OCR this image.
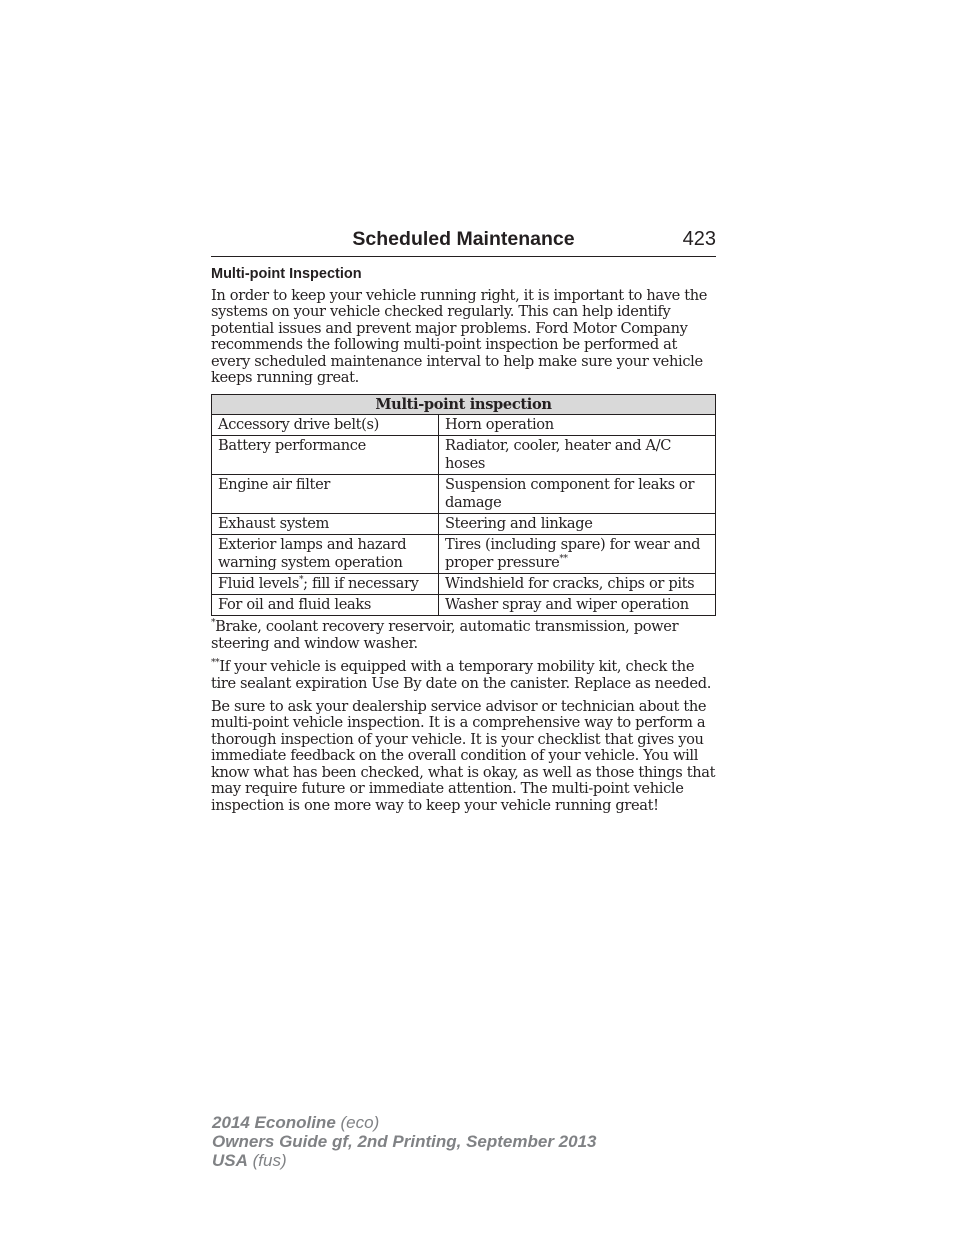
Scheduled Maintenance	423
Multi-point Inspection

In order to keep your vehicle running right, it is important to have the systems on your vehicle checked regularly. This can help identify potential issues and prevent major problems. Ford Motor Company recommends the following multi-point inspection be performed at every scheduled maintenance interval to help make sure your vehicle keeps running great.

Multi-point inspection	
Accessory drive belt(s)	Horn operation
Battery performance	Radiator, cooler, heater and A/C hoses
Engine air filter	Suspension component for leaks or damage
Exhaust system	Steering and linkage
Exterior lamps and hazard warning system operation	Tires (including spare) for wear and proper pressure**
Fluid levels*; fill if necessary	Windshield for cracks, chips or pits
For oil and fluid leaks	Washer spray and wiper operation

*Brake, coolant recovery reservoir, automatic transmission, power steering and window washer.

**If your vehicle is equipped with a temporary mobility kit, check the tire sealant expiration Use By date on the canister. Replace as needed.

Be sure to ask your dealership service advisor or technician about the multi-point vehicle inspection. It is a comprehensive way to perform a thorough inspection of your vehicle. It is your checklist that gives you immediate feedback on the overall condition of your vehicle. You will know what has been checked, what is okay, as well as those things that may require future or immediate attention. The multi-point vehicle inspection is one more way to keep your vehicle running great!

2014 Econoline (eco)
Owners Guide gf, 2nd Printing, September 2013
USA (fus)
